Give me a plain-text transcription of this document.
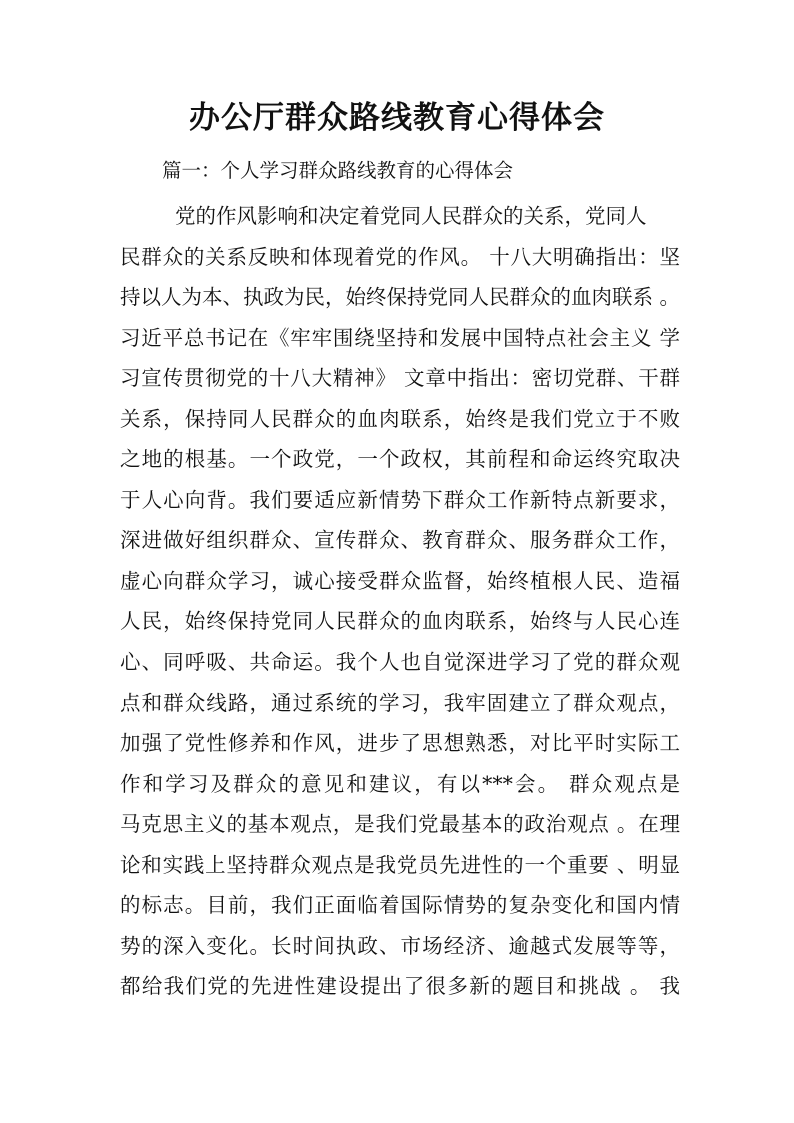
办公厅群众路线教育心得体会
篇一：个人学习群众路线教育的心得体会
党的作风影响和决定着党同人民群众的关系，党同人
民群众的关系反映和体现着党的作风。 十八大明确指出：坚
持以人为本、执政为民，始终保持党同人民群众的血肉联系 。
习近平总书记在《牢牢围绕坚持和发展中国特点社会主义 学
习宣传贯彻党的十八大精神》 文章中指出：密切党群、干群
关系，保持同人民群众的血肉联系，始终是我们党立于不败
之地的根基。一个政党，一个政权，其前程和命运终究取决
于人心向背。我们要适应新情势下群众工作新特点新要求，
深进做好组织群众、宣传群众、教育群众、服务群众工作，
虚心向群众学习，诚心接受群众监督，始终植根人民、造福
人民，始终保持党同人民群众的血肉联系，始终与人民心连
心、同呼吸、共命运。我个人也自觉深进学习了党的群众观
点和群众线路，通过系统的学习，我牢固建立了群众观点，
加强了党性修养和作风，进步了思想熟悉，对比平时实际工
作和学习及群众的意见和建议，有以***会。 群众观点是
马克思主义的基本观点，是我们党最基本的政治观点 。在理
论和实践上坚持群众观点是我党员先进性的一个重要 、明显
的标志。目前，我们正面临着国际情势的复杂变化和国内情
势的深入变化。长时间执政、市场经济、逾越式发展等等，
都给我们党的先进性建设提出了很多新的题目和挑战 。 我
